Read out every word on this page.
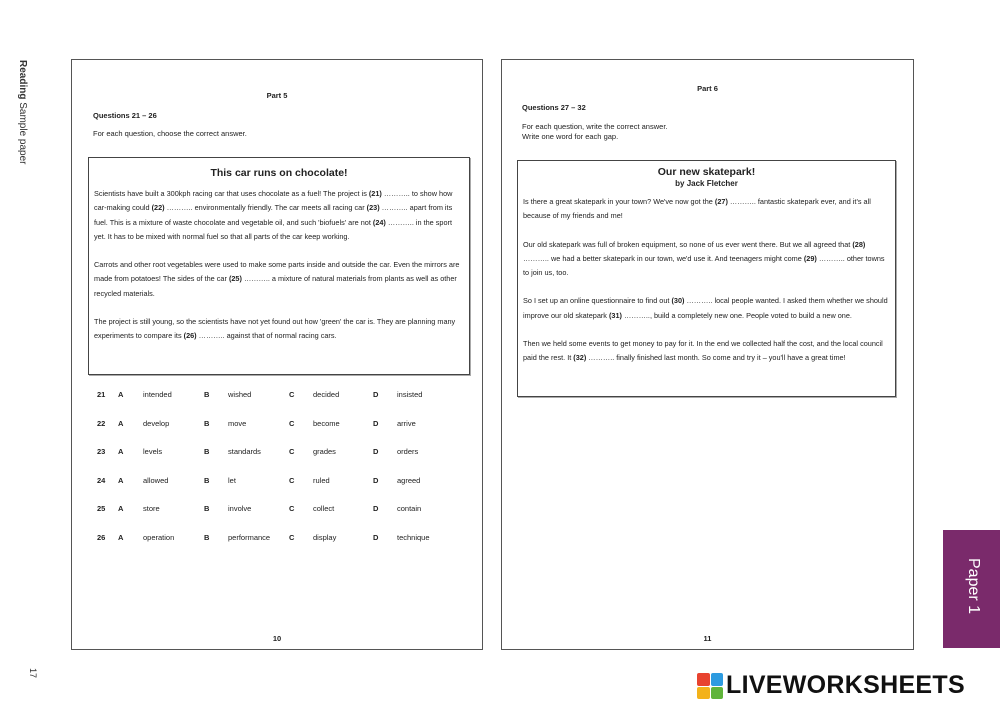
Reading Sample paper
17
Part 5
Questions 21 – 26
For each question, choose the correct answer.
This car runs on chocolate!

Scientists have built a 300kph racing car that uses chocolate as a fuel! The project is (21) ……….. to show how car-making could (22) ……….. environmentally friendly. The car meets all racing car (23) ……….. apart from its fuel. This is a mixture of waste chocolate and vegetable oil, and such 'biofuels' are not (24) ……….. in the sport yet. It has to be mixed with normal fuel so that all parts of the car keep working.

Carrots and other root vegetables were used to make some parts inside and outside the car. Even the mirrors are made from potatoes! The sides of the car (25) ……….. a mixture of natural materials from plants as well as other recycled materials.

The project is still young, so the scientists have not yet found out how 'green' the car is. They are planning many experiments to compare its (26) ……….. against that of normal racing cars.

21 A	intended	B wished	C decided	D insisted
22 A	develop	B move	C become	D arrive
23 A	levels	B standards	C grades	D orders
24 A	allowed	B let	C ruled	D agreed
25 A	store	B involve	C collect	D contain
26 A	operation	B performance	C display	D technique
10
Part 6
Questions 27 – 32
For each question, write the correct answer.
Write one word for each gap.
Our new skatepark!
by Jack Fletcher

Is there a great skatepark in your town? We've now got the (27) ……….. fantastic skatepark ever, and it's all because of my friends and me!

Our old skatepark was full of broken equipment, so none of us ever went there. But we all agreed that (28) ……….. we had a better skatepark in our town, we'd use it. And teenagers might come (29) ……….. other towns to join us, too.

So I set up an online questionnaire to find out (30) ……….. local people wanted. I asked them whether we should improve our old skatepark (31) ……….., build a completely new one. People voted to build a new one.

Then we held some events to get money to pay for it. In the end we collected half the cost, and the local council paid the rest. It (32) ……….. finally finished last month. So come and try it – you'll have a great time!

11
Paper 1
LIVEWORKSHEETS
